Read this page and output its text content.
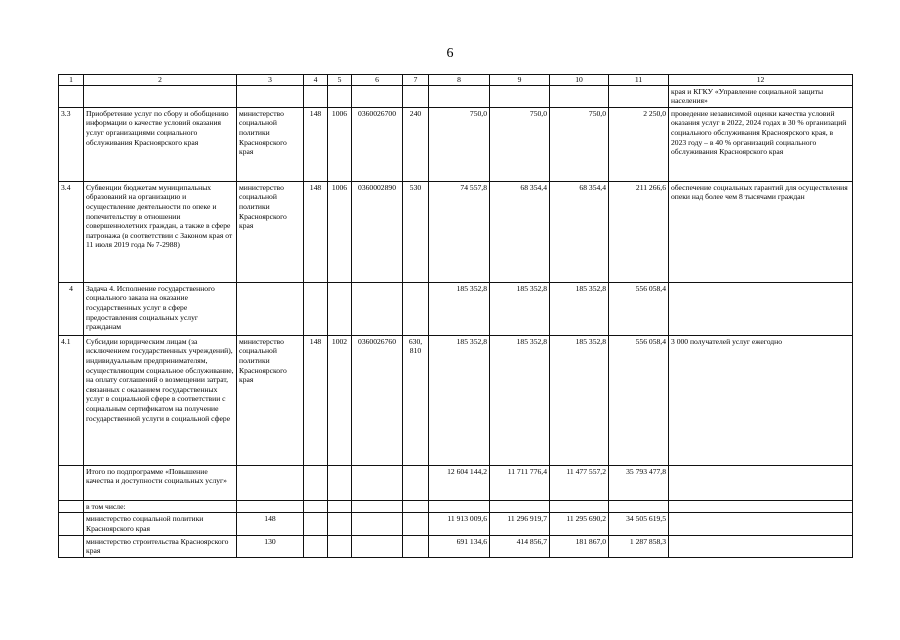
6
1	2	3	4	5	6	7	8	9	10	11	12
											края и КГКУ «Управление социальной защиты населения»
3.3	Приобретение услуг по сбору и обобщению информации о качестве условий оказания услуг организациями социального обслуживания Красноярского края	министерство социальной политики Красноярского края	148	1006	0360026700	240	750,0	750,0	750,0	2 250,0	проведение независимой оценки качества условий оказания услуг в 2022, 2024 годах в 30 % организаций социального обслуживания Красноярского края, в 2023 году – в 40 % организаций социального обслуживания Красноярского края
3.4	Субвенции бюджетам муниципальных образований на организацию и осуществление деятельности по опеке и попечительству в отношении совершеннолетних граждан, а также в сфере патронажа (в соответствии с Законом края от 11 июля 2019 года № 7-2988)	министерство социальной политики Красноярского края	148	1006	0360002890	530	74 557,8	68 354,4	68 354,4	211 266,6	обеспечение социальных гарантий для осуществления опеки над более чем 8 тысячами граждан
4	Задача 4. Исполнение государственного социального заказа на оказание государственных услуг в сфере предоставления социальных услуг гражданам						185 352,8	185 352,8	185 352,8	556 058,4	
4.1	Субсидии юридическим лицам (за исключением государственных учреждений), индивидуальным предпринимателям, осуществляющим социальное обслуживание, на оплату соглашений о возмещении затрат, связанных с оказанием государственных услуг в социальной сфере в соответствии с социальным сертификатом на получение государственной услуги в социальной сфере	министерство социальной политики Красноярского края	148	1002	0360026760	630, 810	185 352,8	185 352,8	185 352,8	556 058,4	3 000 получателей услуг ежегодно
	Итого по подпрограмме «Повышение качества и доступности социальных услуг»						12 604 144,2	11 711 776,4	11 477 557,2	35 793 477,8	
	в том числе:										
	министерство социальной политики Красноярского края	148					11 913 009,6	11 296 919,7	11 295 690,2	34 505 619,5	
	министерство строительства Красноярского края	130					691 134,6	414 856,7	181 867,0	1 287 858,3	
